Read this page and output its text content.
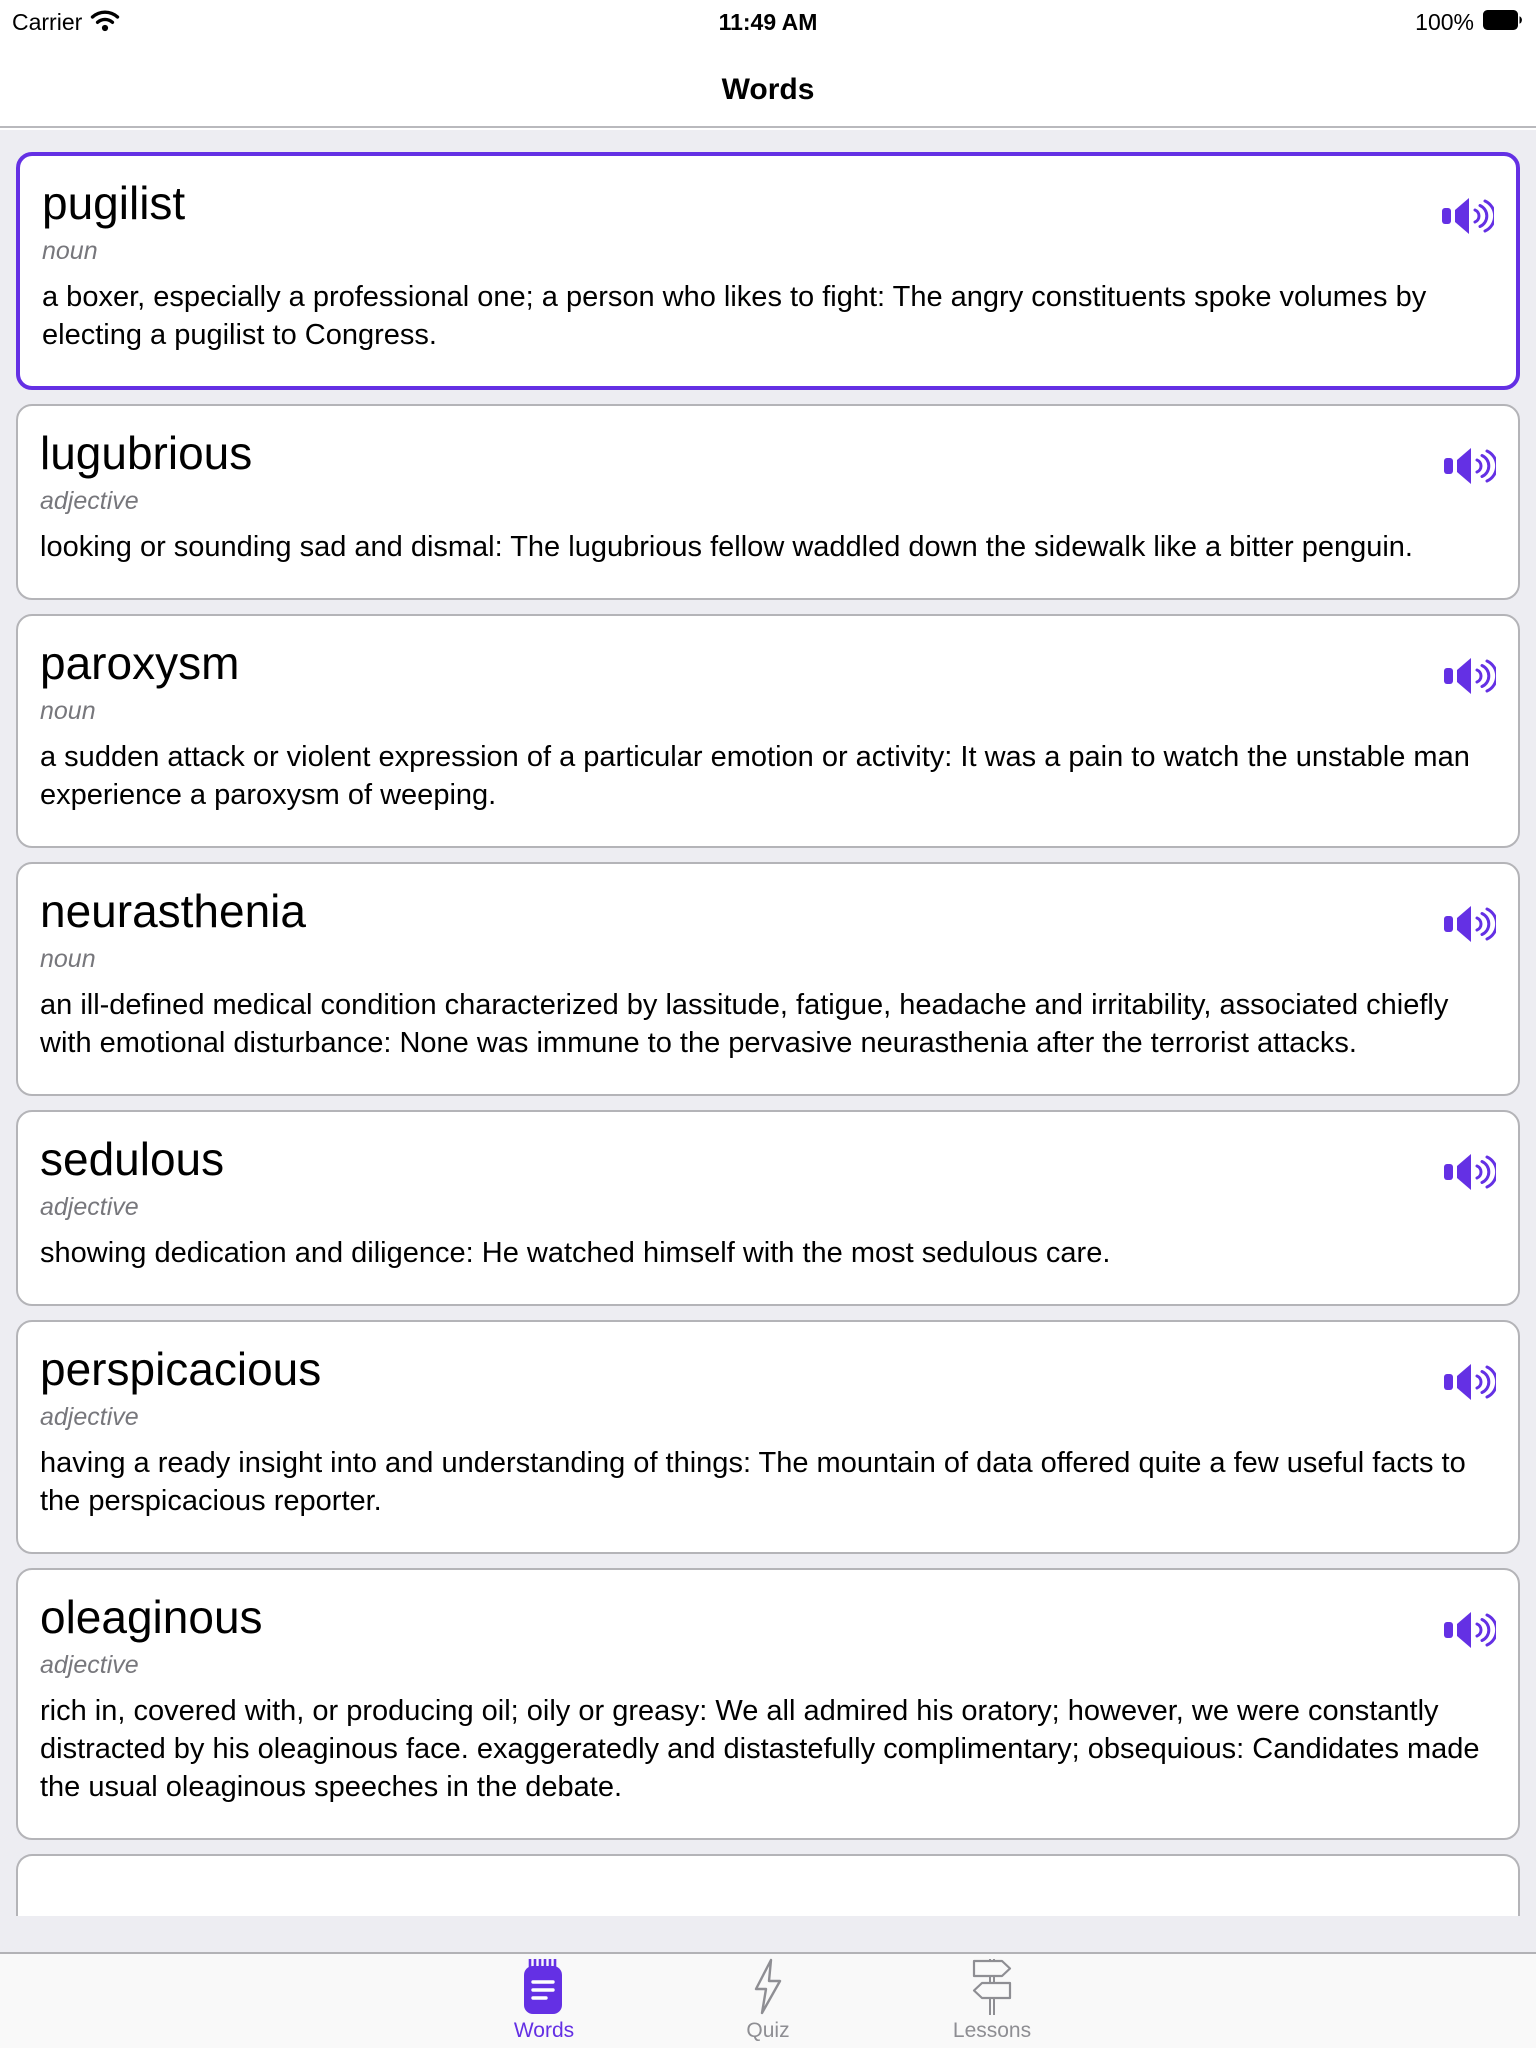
Carrier	11:49 AM	100%
Words
pugilist
noun
a boxer, especially a professional one; a person who likes to fight: The angry constituents spoke volumes by electing a pugilist to Congress.
lugubrious
adjective
looking or sounding sad and dismal: The lugubrious fellow waddled down the sidewalk like a bitter penguin.
paroxysm
noun
a sudden attack or violent expression of a particular emotion or activity: It was a pain to watch the unstable man experience a paroxysm of weeping.
neurasthenia
noun
an ill-defined medical condition characterized by lassitude, fatigue, headache and irritability, associated chiefly with emotional disturbance: None was immune to the pervasive neurasthenia after the terrorist attacks.
sedulous
adjective
showing dedication and diligence: He watched himself with the most sedulous care.
perspicacious
adjective
having a ready insight into and understanding of things: The mountain of data offered quite a few useful facts to the perspicacious reporter.
oleaginous
adjective
rich in, covered with, or producing oil; oily or greasy: We all admired his oratory; however, we were constantly distracted by his oleaginous face. exaggeratedly and distastefully complimentary; obsequious: Candidates made the usual oleaginous speeches in the debate.
Words	Quiz	Lessons
